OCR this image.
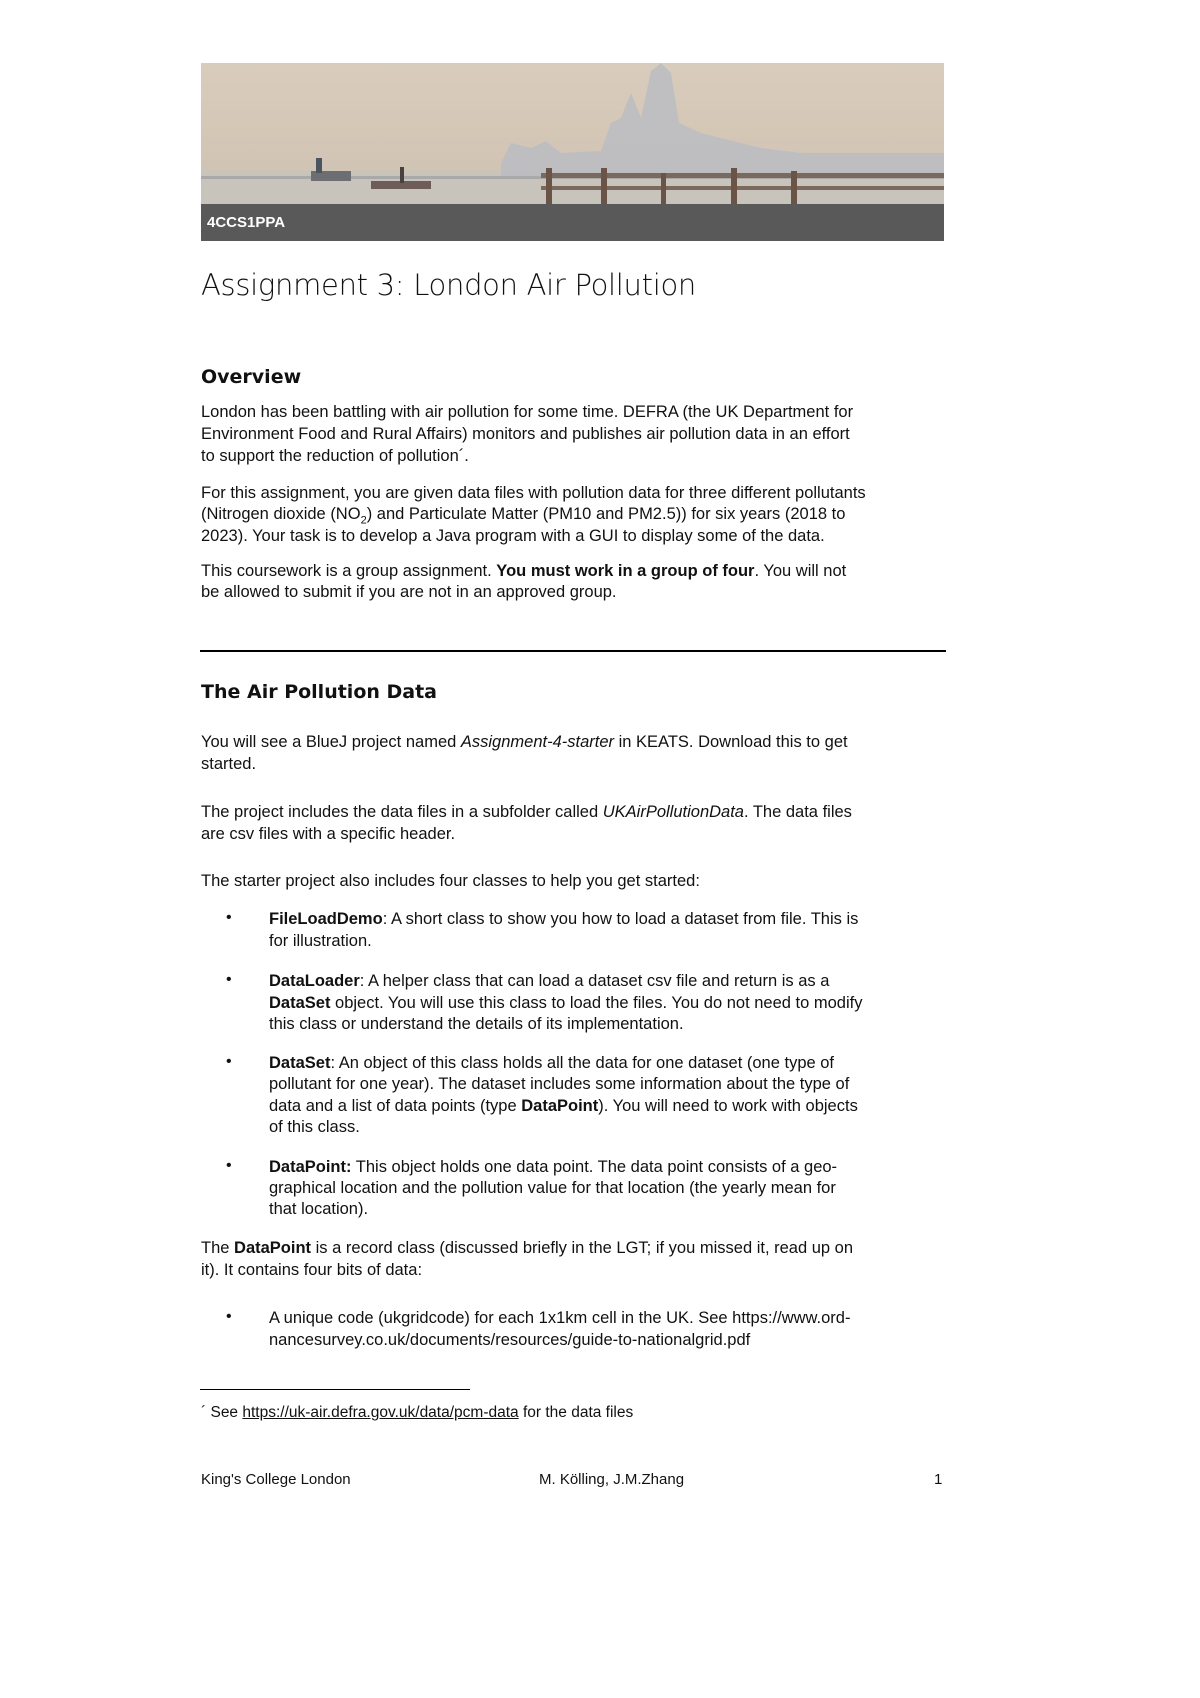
4CCS1PPA
Assignment 3: London Air Pollution
Overview
London has been battling with air pollution for some time. DEFRA (the UK Department for
Environment Food and Rural Affairs) monitors and publishes air pollution data in an effort
to support the reduction of pollution´.
For this assignment, you are given data files with pollution data for three different pollutants
(Nitrogen dioxide $(NO_2)$ and Particulate Matter (PM10 and PM2.5)) for six years (2018 to
2023). Your task is to develop a Java program with a GUI to display some of the data.
This coursework is a group assignment. You must work in a group of four. You will not
be allowed to submit if you are not in an approved group.
The Air Pollution Data
You will see a BlueJ project named Assignment-4-starter in KEATS. Download this to get
started.
The project includes the data files in a subfolder called UKAirPollutionData. The data files
are csv files with a specific header.
The starter project also includes four classes to help you get started:
• FileLoadDemo: A short class to show you how to load a dataset from file. This is
for illustration.
• DataLoader: A helper class that can load a dataset csv file and return is as a
DataSet object. You will use this class to load the files. You do not need to modify
this class or understand the details of its implementation.
• DataSet: An object of this class holds all the data for one dataset (one type of
pollutant for one year). The dataset includes some information about the type of
data and a list of data points (type DataPoint). You will need to work with objects
of this class.
• DataPoint: This object holds one data point. The data point consists of a geo-
graphical location and the pollution value for that location (the yearly mean for
that location).
The DataPoint is a record class (discussed briefly in the LGT; if you missed it, read up on
it). It contains four bits of data:
• A unique code (ukgridcode) for each 1x1km cell in the UK. See https://www.ord-
nancesurvey.co.uk/documents/resources/guide-to-nationalgrid.pdf
´ See https://uk-air.defra.gov.uk/data/pcm-data for the data files
King's College London	M. Kölling, J.M.Zhang	1
